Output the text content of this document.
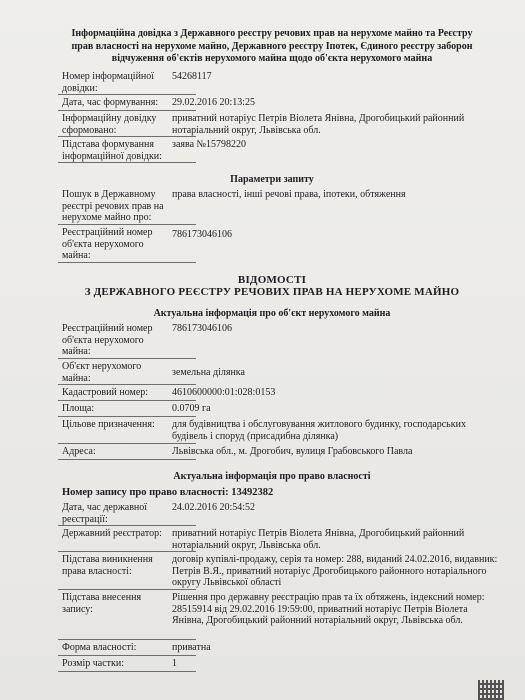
Інформаційна довідка з Державного реєстру речових прав на нерухоме майно та Реєстру
прав власності на нерухоме майно, Державного реєстру Іпотек, Єдиного реєстру заборон
відчуження об'єктів нерухомого майна щодо об'єкта нерухомого майна
Номер інформаційної довідки:
54268117
Дата, час формування:	29.02.2016 20:13:25
Інформаційну довідку сформовано:
приватний нотаріус Петрів Віолета Янівна, Дрогобицький районний нотаріальний округ, Львівська обл.
Підстава формування інформаційної довідки:
заява №15798220
Параметри запиту
Пошук в Державному реєстрі речових прав на нерухоме майно про:
права власності, інші речові права, іпотеки, обтяження
Реєстраційний номер об'єкта нерухомого майна:
786173046106
ВІДОМОСТІ
З ДЕРЖАВНОГО РЕЄСТРУ РЕЧОВИХ ПРАВ НА НЕРУХОМЕ МАЙНО
Актуальна інформація про об'єкт нерухомого майна
Реєстраційний номер об'єкта нерухомого майна:
786173046106
Об'єкт нерухомого майна:	земельна ділянка
Кадастровий номер:	4610600000:01:028:0153
Площа:	0.0709 га
Цільове призначення:	для будівництва і обслуговування житлового будинку, господарських будівель і споруд (присадибна ділянка)
Адреса:	Львівська обл., м. Дрогобич, вулиця Грабовського Павла
Актуальна інформація про право власності
Номер запису про право власності: 13492382
Дата, час державної реєстрації:
24.02.2016 20:54:52
Державний реєстратор:	приватний нотаріус Петрів Віолета Янівна, Дрогобицький районний нотаріальний округ, Львівська обл.
Підстава виникнення права власності:
договір купівлі-продажу, серія та номер: 288, виданий 24.02.2016, видавник: Петрів В.Я., приватний нотаріус Дрогобицького районного нотаріального округу Львівської області
Підстава внесення запису:
Рішення про державну реєстрацію прав та їх обтяжень, індексний номер: 28515914 від 29.02.2016 19:59:00, приватний нотаріус Петрів Віолета Янівна, Дрогобицький районний нотаріальний округ, Львівська обл.
Форма власності:	приватна
Розмір частки:	1
